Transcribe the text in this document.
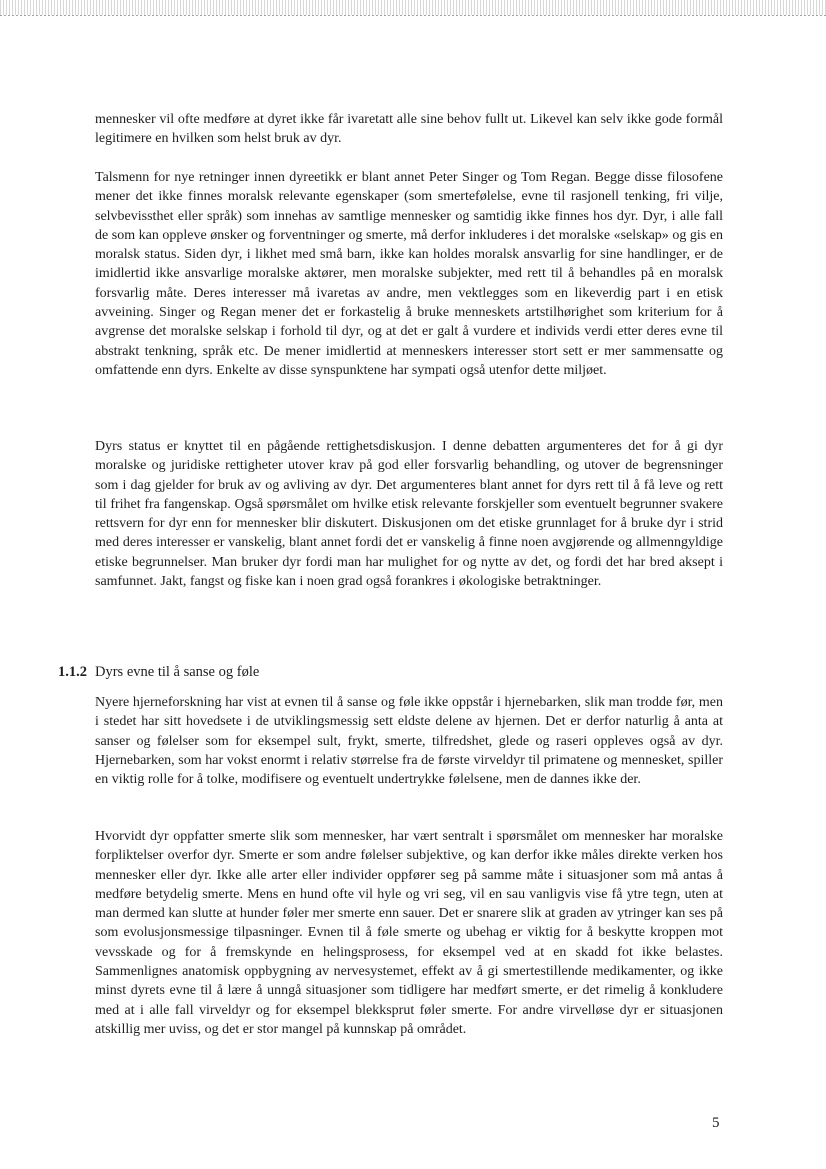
mennesker vil ofte medføre at dyret ikke får ivaretatt alle sine behov fullt ut. Likevel kan selv ikke gode formål legitimere en hvilken som helst bruk av dyr.

Talsmenn for nye retninger innen dyreetikk er blant annet Peter Singer og Tom Regan. Begge disse filosofene mener det ikke finnes moralsk relevante egenskaper (som smertefølelse, evne til rasjonell tenking, fri vilje, selvbevissthet eller språk) som innehas av samtlige mennesker og samtidig ikke finnes hos dyr. Dyr, i alle fall de som kan oppleve ønsker og forventninger og smerte, må derfor inkluderes i det moralske «selskap» og gis en moralsk status. Siden dyr, i likhet med små barn, ikke kan holdes moralsk ansvarlig for sine handlinger, er de imidlertid ikke ansvarlige moralske aktører, men moralske subjekter, med rett til å behandles på en moralsk forsvarlig måte. Deres interesser må ivaretas av andre, men vektlegges som en likeverdig part i en etisk avveining. Singer og Regan mener det er forkastelig å bruke menneskets artstilhørighet som kriterium for å avgrense det moralske selskap i forhold til dyr, og at det er galt å vurdere et individs verdi etter deres evne til abstrakt tenkning, språk etc. De mener imidlertid at menneskers interesser stort sett er mer sammensatte og omfattende enn dyrs. Enkelte av disse synspunktene har sympati også utenfor dette miljøet.

Dyrs status er knyttet til en pågående rettighetsdiskusjon. I denne debatten argumenteres det for å gi dyr moralske og juridiske rettigheter utover krav på god eller forsvarlig behandling, og utover de begrensninger som i dag gjelder for bruk av og avliving av dyr. Det argumenteres blant annet for dyrs rett til å få leve og rett til frihet fra fangenskap. Også spørsmålet om hvilke etisk relevante forskjeller som eventuelt begrunner svakere rettsvern for dyr enn for mennesker blir diskutert. Diskusjonen om det etiske grunnlaget for å bruke dyr i strid med deres interesser er vanskelig, blant annet fordi det er vanskelig å finne noen avgjørende og allmenngyldige etiske begrunnelser. Man bruker dyr fordi man har mulighet for og nytte av det, og fordi det har bred aksept i samfunnet. Jakt, fangst og fiske kan i noen grad også forankres i økologiske betraktninger.

1.1.2 Dyrs evne til å sanse og føle

Nyere hjerneforskning har vist at evnen til å sanse og føle ikke oppstår i hjernebarken, slik man trodde før, men i stedet har sitt hovedsete i de utviklingsmessig sett eldste delene av hjernen. Det er derfor naturlig å anta at sanser og følelser som for eksempel sult, frykt, smerte, tilfredshet, glede og raseri oppleves også av dyr. Hjernebarken, som har vokst enormt i relativ størrelse fra de første virveldyr til primatene og mennesket, spiller en viktig rolle for å tolke, modifisere og eventuelt undertrykke følelsene, men de dannes ikke der.

Hvorvidt dyr oppfatter smerte slik som mennesker, har vært sentralt i spørsmålet om mennesker har moralske forpliktelser overfor dyr. Smerte er som andre følelser subjektive, og kan derfor ikke måles direkte verken hos mennesker eller dyr. Ikke alle arter eller individer oppfører seg på samme måte i situasjoner som må antas å medføre betydelig smerte. Mens en hund ofte vil hyle og vri seg, vil en sau vanligvis vise få ytre tegn, uten at man dermed kan slutte at hunder føler mer smerte enn sauer. Det er snarere slik at graden av ytringer kan ses på som evolusjonsmessige tilpasninger. Evnen til å føle smerte og ubehag er viktig for å beskytte kroppen mot vevsskade og for å fremskynde en helingsprosess, for eksempel ved at en skadd fot ikke belastes. Sammenlignes anatomisk oppbygning av nervesystemet, effekt av å gi smertestillende medikamenter, og ikke minst dyrets evne til å lære å unngå situasjoner som tidligere har medført smerte, er det rimelig å konkludere med at i alle fall virveldyr og for eksempel blekksprut føler smerte. For andre virvelløse dyr er situasjonen atskillig mer uviss, og det er stor mangel på kunnskap på området.

5
